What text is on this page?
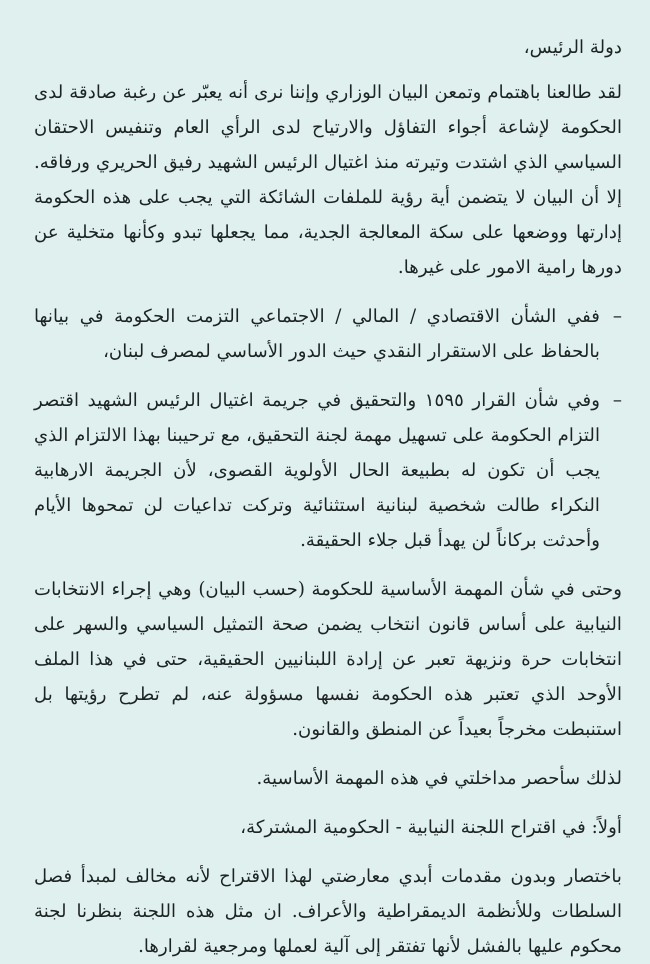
دولة الرئيس،

لقد طالعنا باهتمام وتمعن البيان الوزاري وإننا نرى أنه يعبّر عن رغبة صادقة لدى الحكومة لإشاعة أجواء التفاؤل والارتياح لدى الرأي العام وتنفيس الاحتقان السياسي الذي اشتدت وتيرته منذ اغتيال الرئيس الشهيد رفيق الحريري ورفاقه. إلا أن البيان لا يتضمن أية رؤية للملفات الشائكة التي يجب على هذه الحكومة إدارتها ووضعها على سكة المعالجة الجدية، مما يجعلها تبدو وكأنها متخلية عن دورها رامية الامور على غيرها.

–
ففي الشأن الاقتصادي / المالي / الاجتماعي التزمت الحكومة في بيانها بالحفاظ على الاستقرار النقدي حيث الدور الأساسي لمصرف لبنان،
–
وفي شأن القرار ١٥٩٥ والتحقيق في جريمة اغتيال الرئيس الشهيد اقتصر التزام الحكومة على تسهيل مهمة لجنة التحقيق، مع ترحيبنا بهذا الالتزام الذي يجب أن تكون له بطبيعة الحال الأولوية القصوى، لأن الجريمة الارهابية النكراء طالت شخصية لبنانية استثنائية وتركت تداعيات لن تمحوها الأيام وأحدثت بركاناً لن يهدأ قبل جلاء الحقيقة.

وحتى في شأن المهمة الأساسية للحكومة (حسب البيان) وهي إجراء الانتخابات النيابية على أساس قانون انتخاب يضمن صحة التمثيل السياسي والسهر على انتخابات حرة ونزيهة تعبر عن إرادة اللبنانيين الحقيقية، حتى في هذا الملف الأوحد الذي تعتبر هذه الحكومة نفسها مسؤولة عنه، لم تطرح رؤيتها بل استنبطت مخرجاً بعيداً عن المنطق والقانون.

لذلك سأحصر مداخلتي في هذه المهمة الأساسية.

أولاً: في اقتراح اللجنة النيابية - الحكومية المشتركة،

باختصار وبدون مقدمات أبدي معارضتي لهذا الاقتراح لأنه مخالف لمبدأ فصل السلطات وللأنظمة الديمقراطية والأعراف. ان مثل هذه اللجنة بنظرنا لجنة محكوم عليها بالفشل لأنها تفتقر إلى آلية لعملها ومرجعية لقرارها.
